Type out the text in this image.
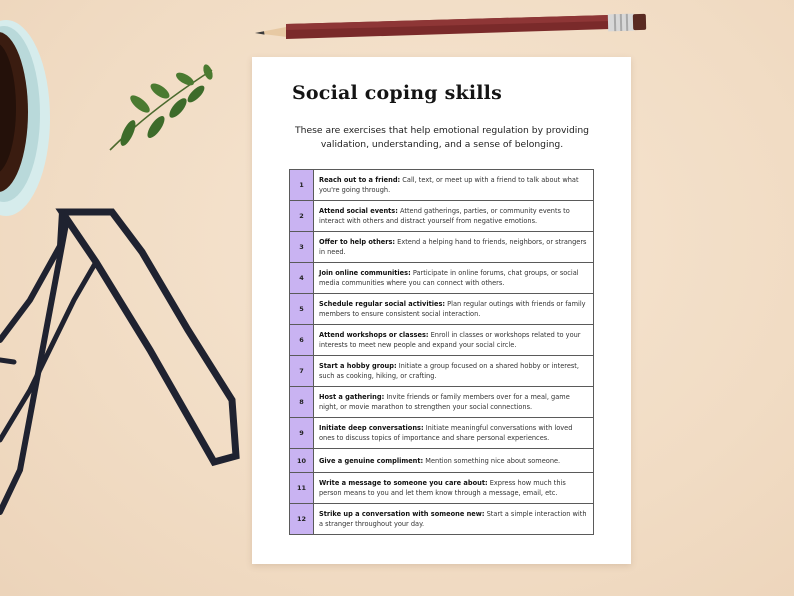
Social coping skills
These are exercises that help emotional regulation by providing validation, understanding, and a sense of belonging.
1	Reach out to a friend: Call, text, or meet up with a friend to talk about what you're going through.
2	Attend social events: Attend gatherings, parties, or community events to interact with others and distract yourself from negative emotions.
3	Offer to help others: Extend a helping hand to friends, neighbors, or strangers in need.
4	Join online communities: Participate in online forums, chat groups, or social media communities where you can connect with others.
5	Schedule regular social activities: Plan regular outings with friends or family members to ensure consistent social interaction.
6	Attend workshops or classes: Enroll in classes or workshops related to your interests to meet new people and expand your social circle.
7	Start a hobby group: Initiate a group focused on a shared hobby or interest, such as cooking, hiking, or crafting.
8	Host a gathering: Invite friends or family members over for a meal, game night, or movie marathon to strengthen your social connections.
9	Initiate deep conversations: Initiate meaningful conversations with loved ones to discuss topics of importance and share personal experiences.
10	Give a genuine compliment: Mention something nice about someone.
11	Write a message to someone you care about: Express how much this person means to you and let them know through a message, email, etc.
12	Strike up a conversation with someone new: Start a simple interaction with a stranger throughout your day.
